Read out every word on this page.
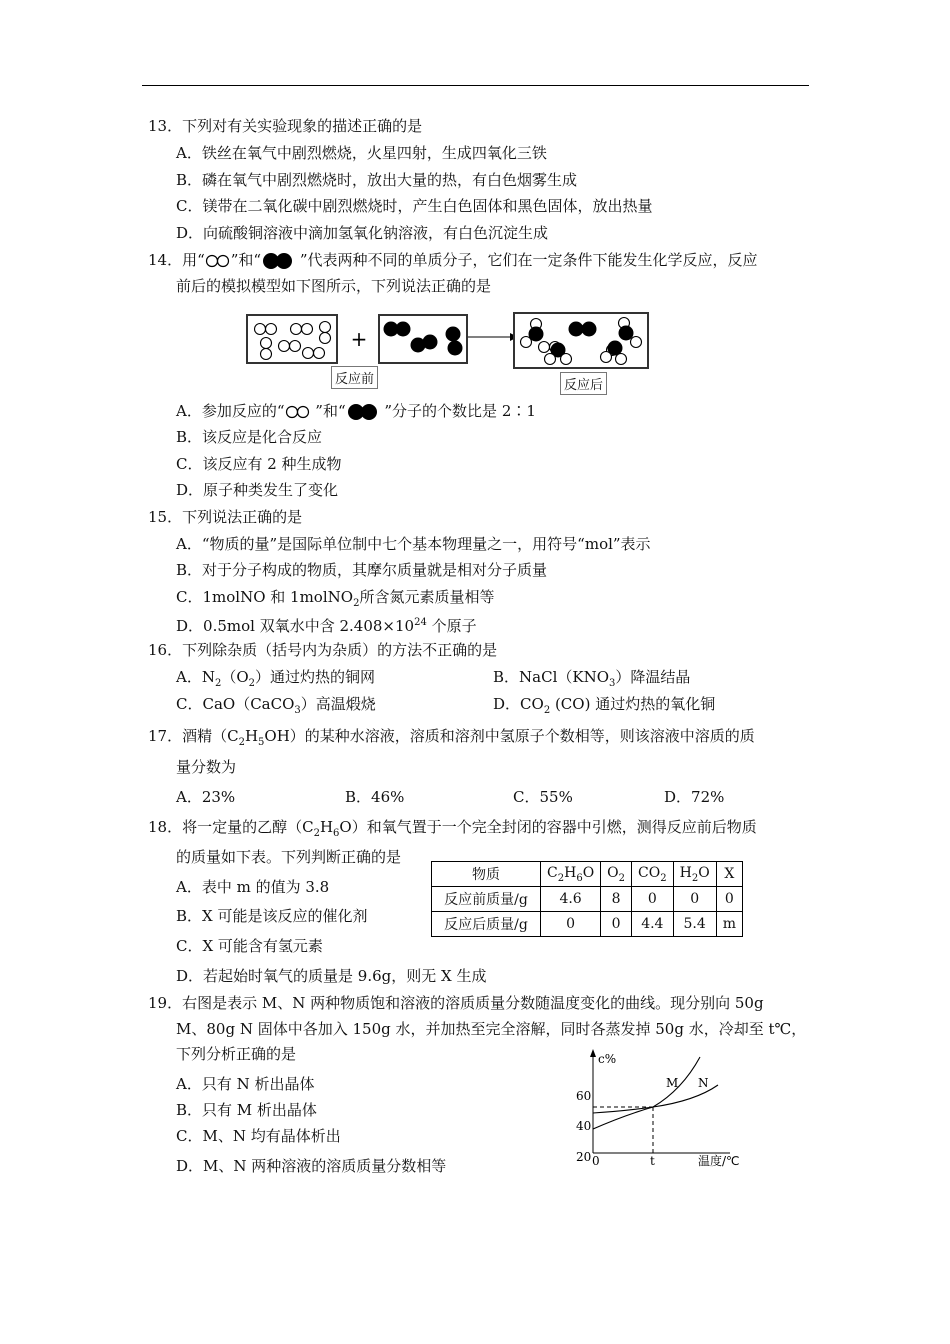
13．下列对有关实验现象的描述正确的是
A．铁丝在氧气中剧烈燃烧，火星四射，生成四氧化三铁
B．磷在氧气中剧烈燃烧时，放出大量的热，有白色烟雾生成
C．镁带在二氧化碳中剧烈燃烧时，产生白色固体和黑色固体，放出热量
D．向硫酸铜溶液中滴加氢氧化钠溶液，有白色沉淀生成
14．用“ ”和“ ”代表两种不同的单质分子，它们在一定条件下能发生化学反应，反应
前后的模拟模型如下图所示，下列说法正确的是
+
反应前	反应后
A．参加反应的“ ”和“ ”分子的个数比是 2∶1
B．该反应是化合反应
C．该反应有 2 种生成物
D．原子种类发生了变化
15．下列说法正确的是
A．“物质的量”是国际单位制中七个基本物理量之一，用符号“mol”表示
B．对于分子构成的物质，其摩尔质量就是相对分子质量
C．1molNO 和 1molNO$_2$所含氮元素质量相等
D．0.5mol 双氧水中含 $2.408\times 10^{24}$ 个原子
16．下列除杂质（括号内为杂质）的方法不正确的是
A．$N_2(O_2)$通过灼热的铜网	B．$NaCl(KNO_3)$降温结晶
C．CaO（CaCO$_3$）高温煅烧	D．$CO_2$ (CO) 通过灼热的氧化铜
17．酒精$(C_2H_5OH)$的某种水溶液，溶质和溶剂中氢原子个数相等，则该溶液中溶质的质
量分数为
A．23%	B．46%	C．55%	D．72%
18．将一定量的乙醇$(C_2H_6O)$和氧气置于一个完全封闭的容器中引燃，测得反应前后物质
的质量如下表。下列判断正确的是
A．表中 m 的值为 3.8
B．X 可能是该反应的催化剂
C．X 可能含有氢元素
D．若起始时氧气的质量是 9.6g，则无 X 生成
物质	$C_2H_6O$	$O_2$	$CO_2$	$H_2O$	X
反应前质量/g	4.6	8	0	0	0
反应后质量/g	0	0	4.4	5.4	m
19．右图是表示 M、N 两种物质饱和溶液的溶质质量分数随温度变化的曲线。现分别向 50g
M、80g N 固体中各加入 150g 水，并加热至完全溶解，同时各蒸发掉 50g 水，冷却至 t℃，
下列分析正确的是
A．只有 N 析出晶体
B．只有 M 析出晶体
C．M、N 均有晶体析出
D．M、N 两种溶液的溶质质量分数相等
c%
60
40
20 0	t	温度/℃
M N
